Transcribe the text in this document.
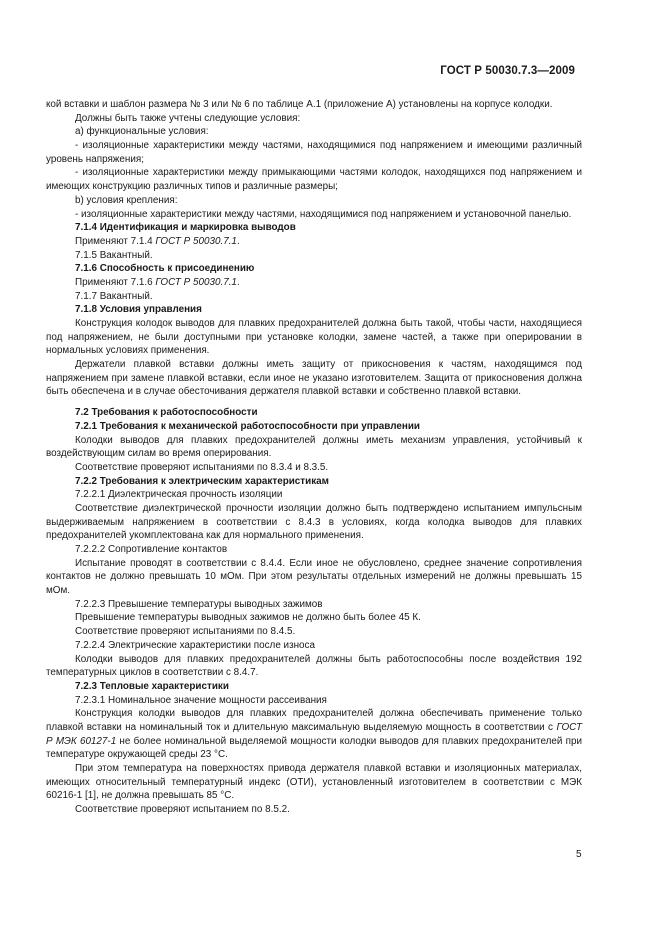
ГОСТ Р 50030.7.3—2009

кой вставки и шаблон размера № 3 или № 6 по таблице А.1 (приложение А) установлены на корпусе колодки.

Должны быть также учтены следующие условия:

а) функциональные условия:

- изоляционные характеристики между частями, находящимися под напряжением и имеющими различный уровень напряжения;

- изоляционные характеристики между примыкающими частями колодок, находящихся под напряжением и имеющих конструкцию различных типов и различные размеры;

b) условия крепления:

- изоляционные характеристики между частями, находящимися под напряжением и установочной панелью.

7.1.4 Идентификация и маркировка выводов

Применяют 7.1.4 ГОСТ Р 50030.7.1.

7.1.5 Вакантный.

7.1.6 Способность к присоединению

Применяют 7.1.6 ГОСТ Р 50030.7.1.

7.1.7 Вакантный.

7.1.8 Условия управления

Конструкция колодок выводов для плавких предохранителей должна быть такой, чтобы части, находящиеся под напряжением, не были доступными при установке колодки, замене частей, а также при оперировании в нормальных условиях применения.

Держатели плавкой вставки должны иметь защиту от прикосновения к частям, находящимся под напряжением при замене плавкой вставки, если иное не указано изготовителем. Защита от прикосновения должна быть обеспечена и в случае обесточивания держателя плавкой вставки и собственно плавкой вставки.

7.2 Требования к работоспособности

7.2.1 Требования к механической работоспособности при управлении

Колодки выводов для плавких предохранителей должны иметь механизм управления, устойчивый к воздействующим силам во время оперирования.

Соответствие проверяют испытаниями по 8.3.4 и 8.3.5.

7.2.2 Требования к электрическим характеристикам

7.2.2.1 Диэлектрическая прочность изоляции

Соответствие диэлектрической прочности изоляции должно быть подтверждено испытанием импульсным выдерживаемым напряжением в соответствии с 8.4.3 в условиях, когда колодка выводов для плавких предохранителей укомплектована как для нормального применения.

7.2.2.2 Сопротивление контактов

Испытание проводят в соответствии с 8.4.4. Если иное не обусловлено, среднее значение сопротивления контактов не должно превышать 10 мОм. При этом результаты отдельных измерений не должны превышать 15 мОм.

7.2.2.3 Превышение температуры выводных зажимов

Превышение температуры выводных зажимов не должно быть более 45 К.

Соответствие проверяют испытаниями по 8.4.5.

7.2.2.4 Электрические характеристики после износа

Колодки выводов для плавких предохранителей должны быть работоспособны после воздействия 192 температурных циклов в соответствии с 8.4.7.

7.2.3 Тепловые характеристики

7.2.3.1 Номинальное значение мощности рассеивания

Конструкция колодки выводов для плавких предохранителей должна обеспечивать применение только плавкой вставки на номинальный ток и длительную максимальную выделяемую мощность в соответствии с ГОСТ Р МЭК 60127-1 не более номинальной выделяемой мощности колодки выводов для плавких предохранителей при температуре окружающей среды 23 °С.

При этом температура на поверхностях привода держателя плавкой вставки и изоляционных материалах, имеющих относительный температурный индекс (ОТИ), установленный изготовителем в соответствии с МЭК 60216-1 [1], не должна превышать 85 °С.

Соответствие проверяют испытанием по 8.5.2.

5
